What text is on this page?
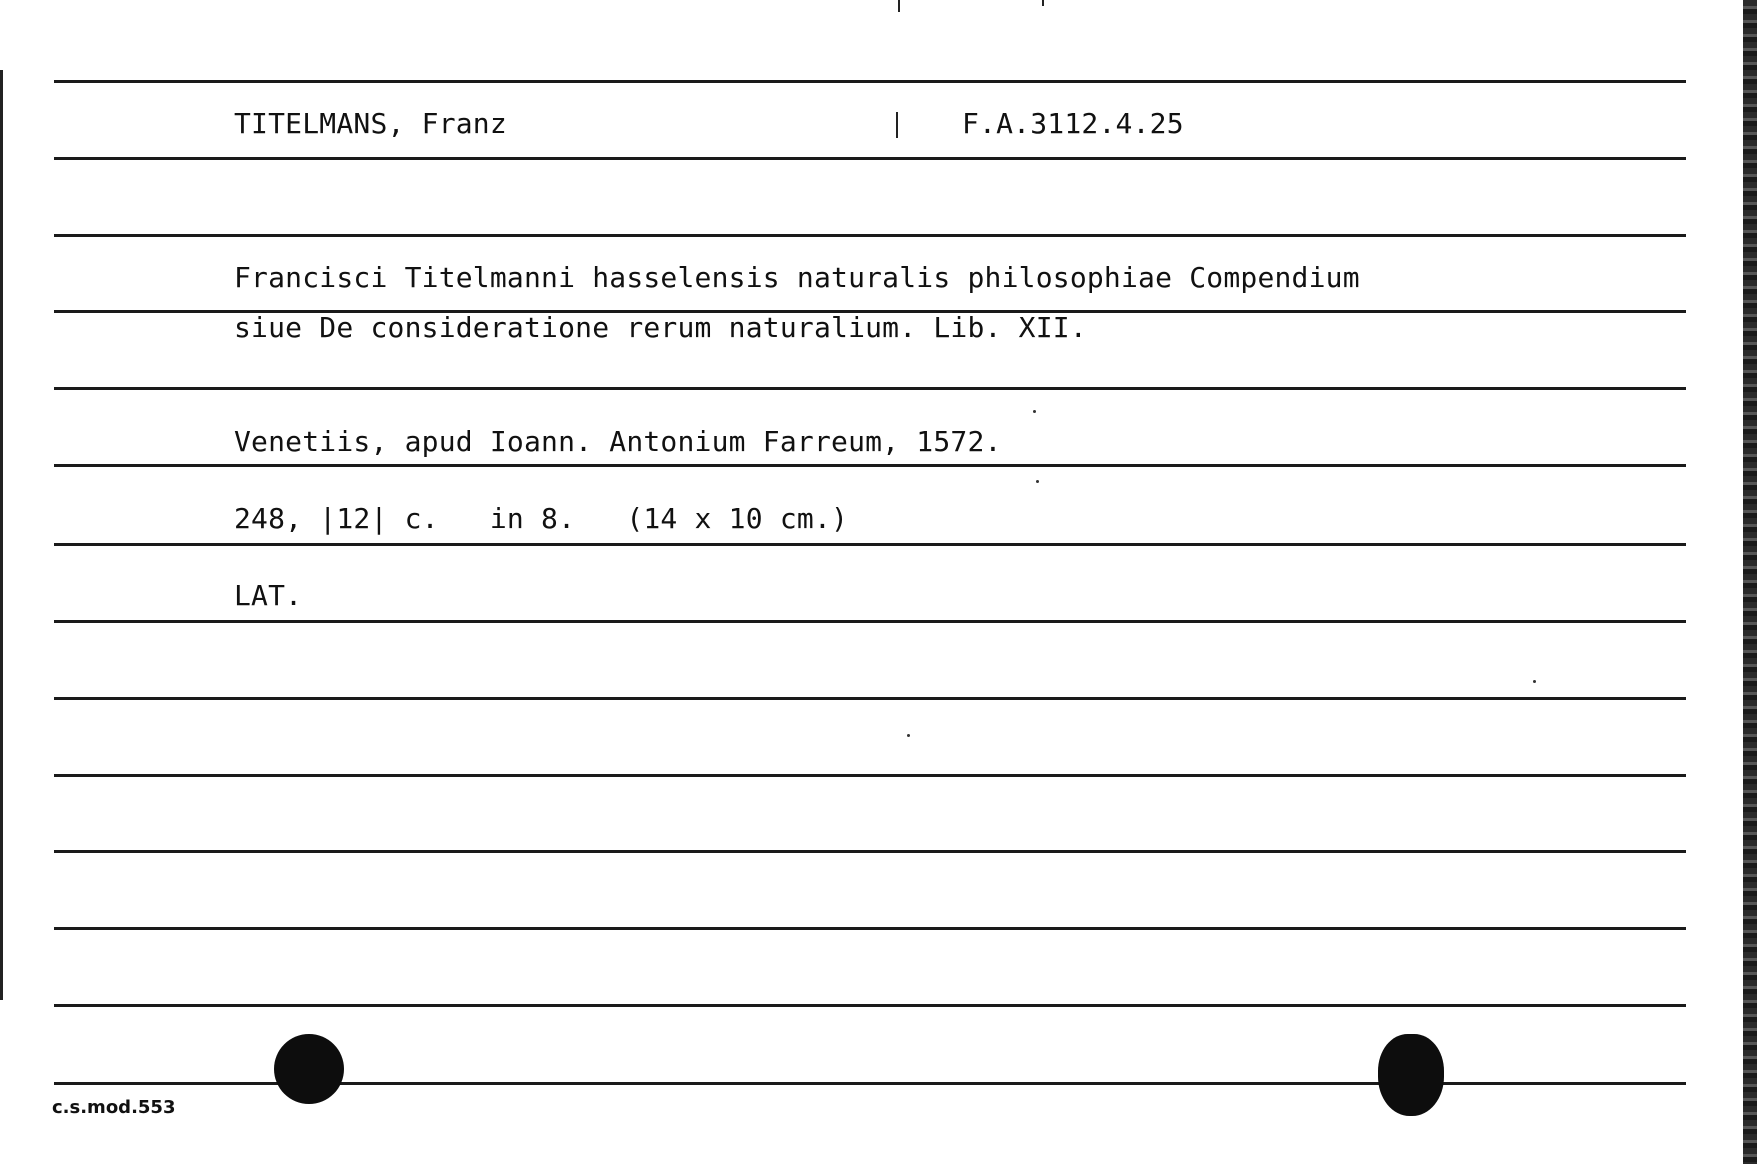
TITELMANS, Franz	F.A.3112.4.25
Francisci Titelmanni hasselensis naturalis philosophiae Compendium
siue De consideratione rerum naturalium. Lib. XII.
Venetiis, apud Ioann. Antonium Farreum, 1572.
248, |12| c.   in 8.   (14 x 10 cm.)
LAT.
c.s.mod.553
